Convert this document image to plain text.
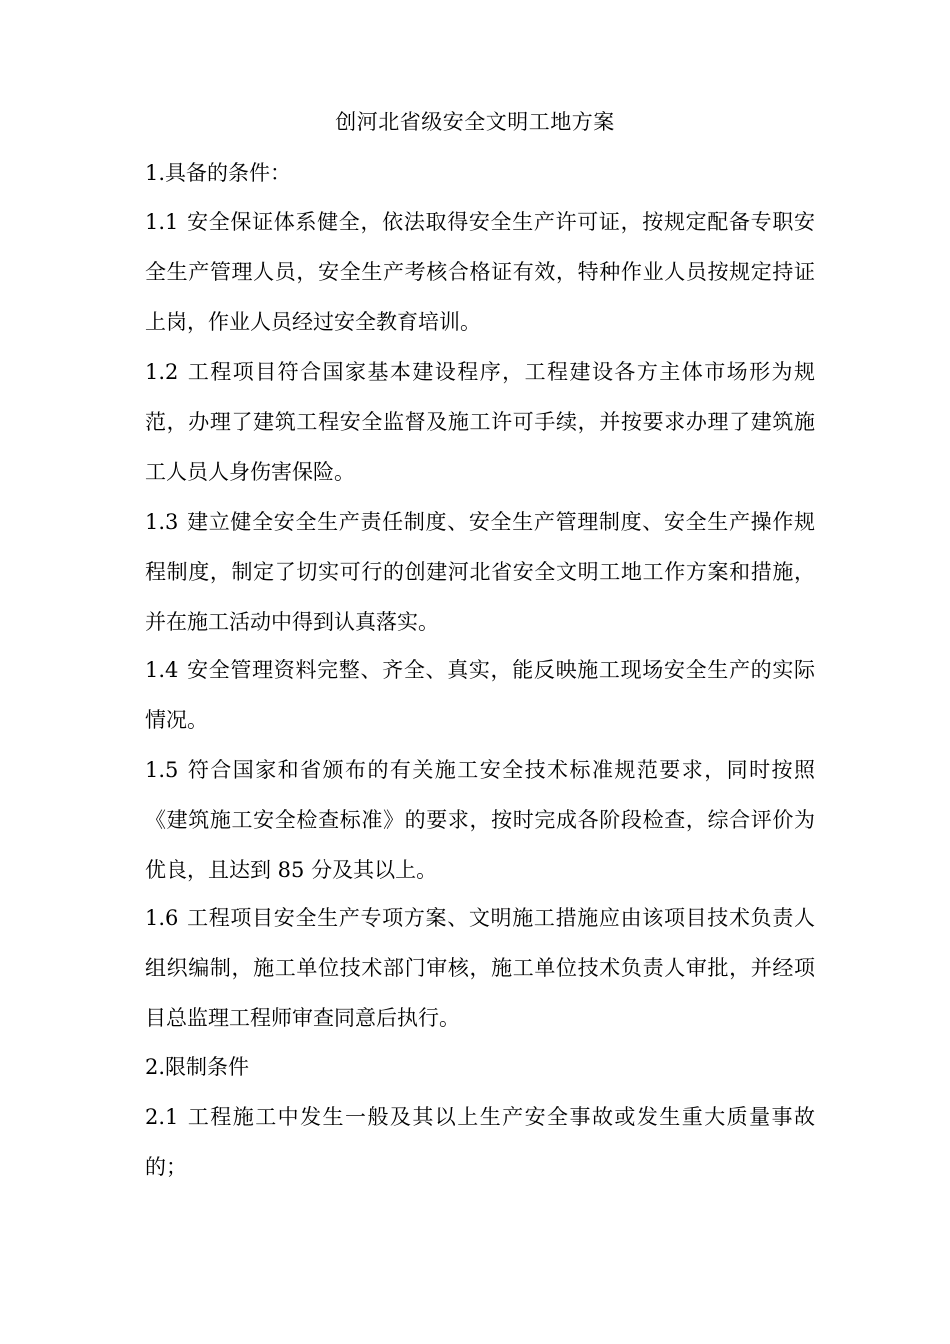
创河北省级安全文明工地方案
1.具备的条件：
1.1 安全保证体系健全，依法取得安全生产许可证，按规定配备专职安全生产管理人员，安全生产考核合格证有效，特种作业人员按规定持证上岗，作业人员经过安全教育培训。
1.2 工程项目符合国家基本建设程序，工程建设各方主体市场形为规范，办理了建筑工程安全监督及施工许可手续，并按要求办理了建筑施工人员人身伤害保险。
1.3 建立健全安全生产责任制度、安全生产管理制度、安全生产操作规程制度，制定了切实可行的创建河北省安全文明工地工作方案和措施，并在施工活动中得到认真落实。
1.4 安全管理资料完整、齐全、真实，能反映施工现场安全生产的实际情况。
1.5 符合国家和省颁布的有关施工安全技术标准规范要求，同时按照《建筑施工安全检查标准》的要求，按时完成各阶段检查，综合评价为优良，且达到 85 分及其以上。
1.6 工程项目安全生产专项方案、文明施工措施应由该项目技术负责人组织编制，施工单位技术部门审核，施工单位技术负责人审批，并经项目总监理工程师审查同意后执行。
2.限制条件
2.1 工程施工中发生一般及其以上生产安全事故或发生重大质量事故的；
